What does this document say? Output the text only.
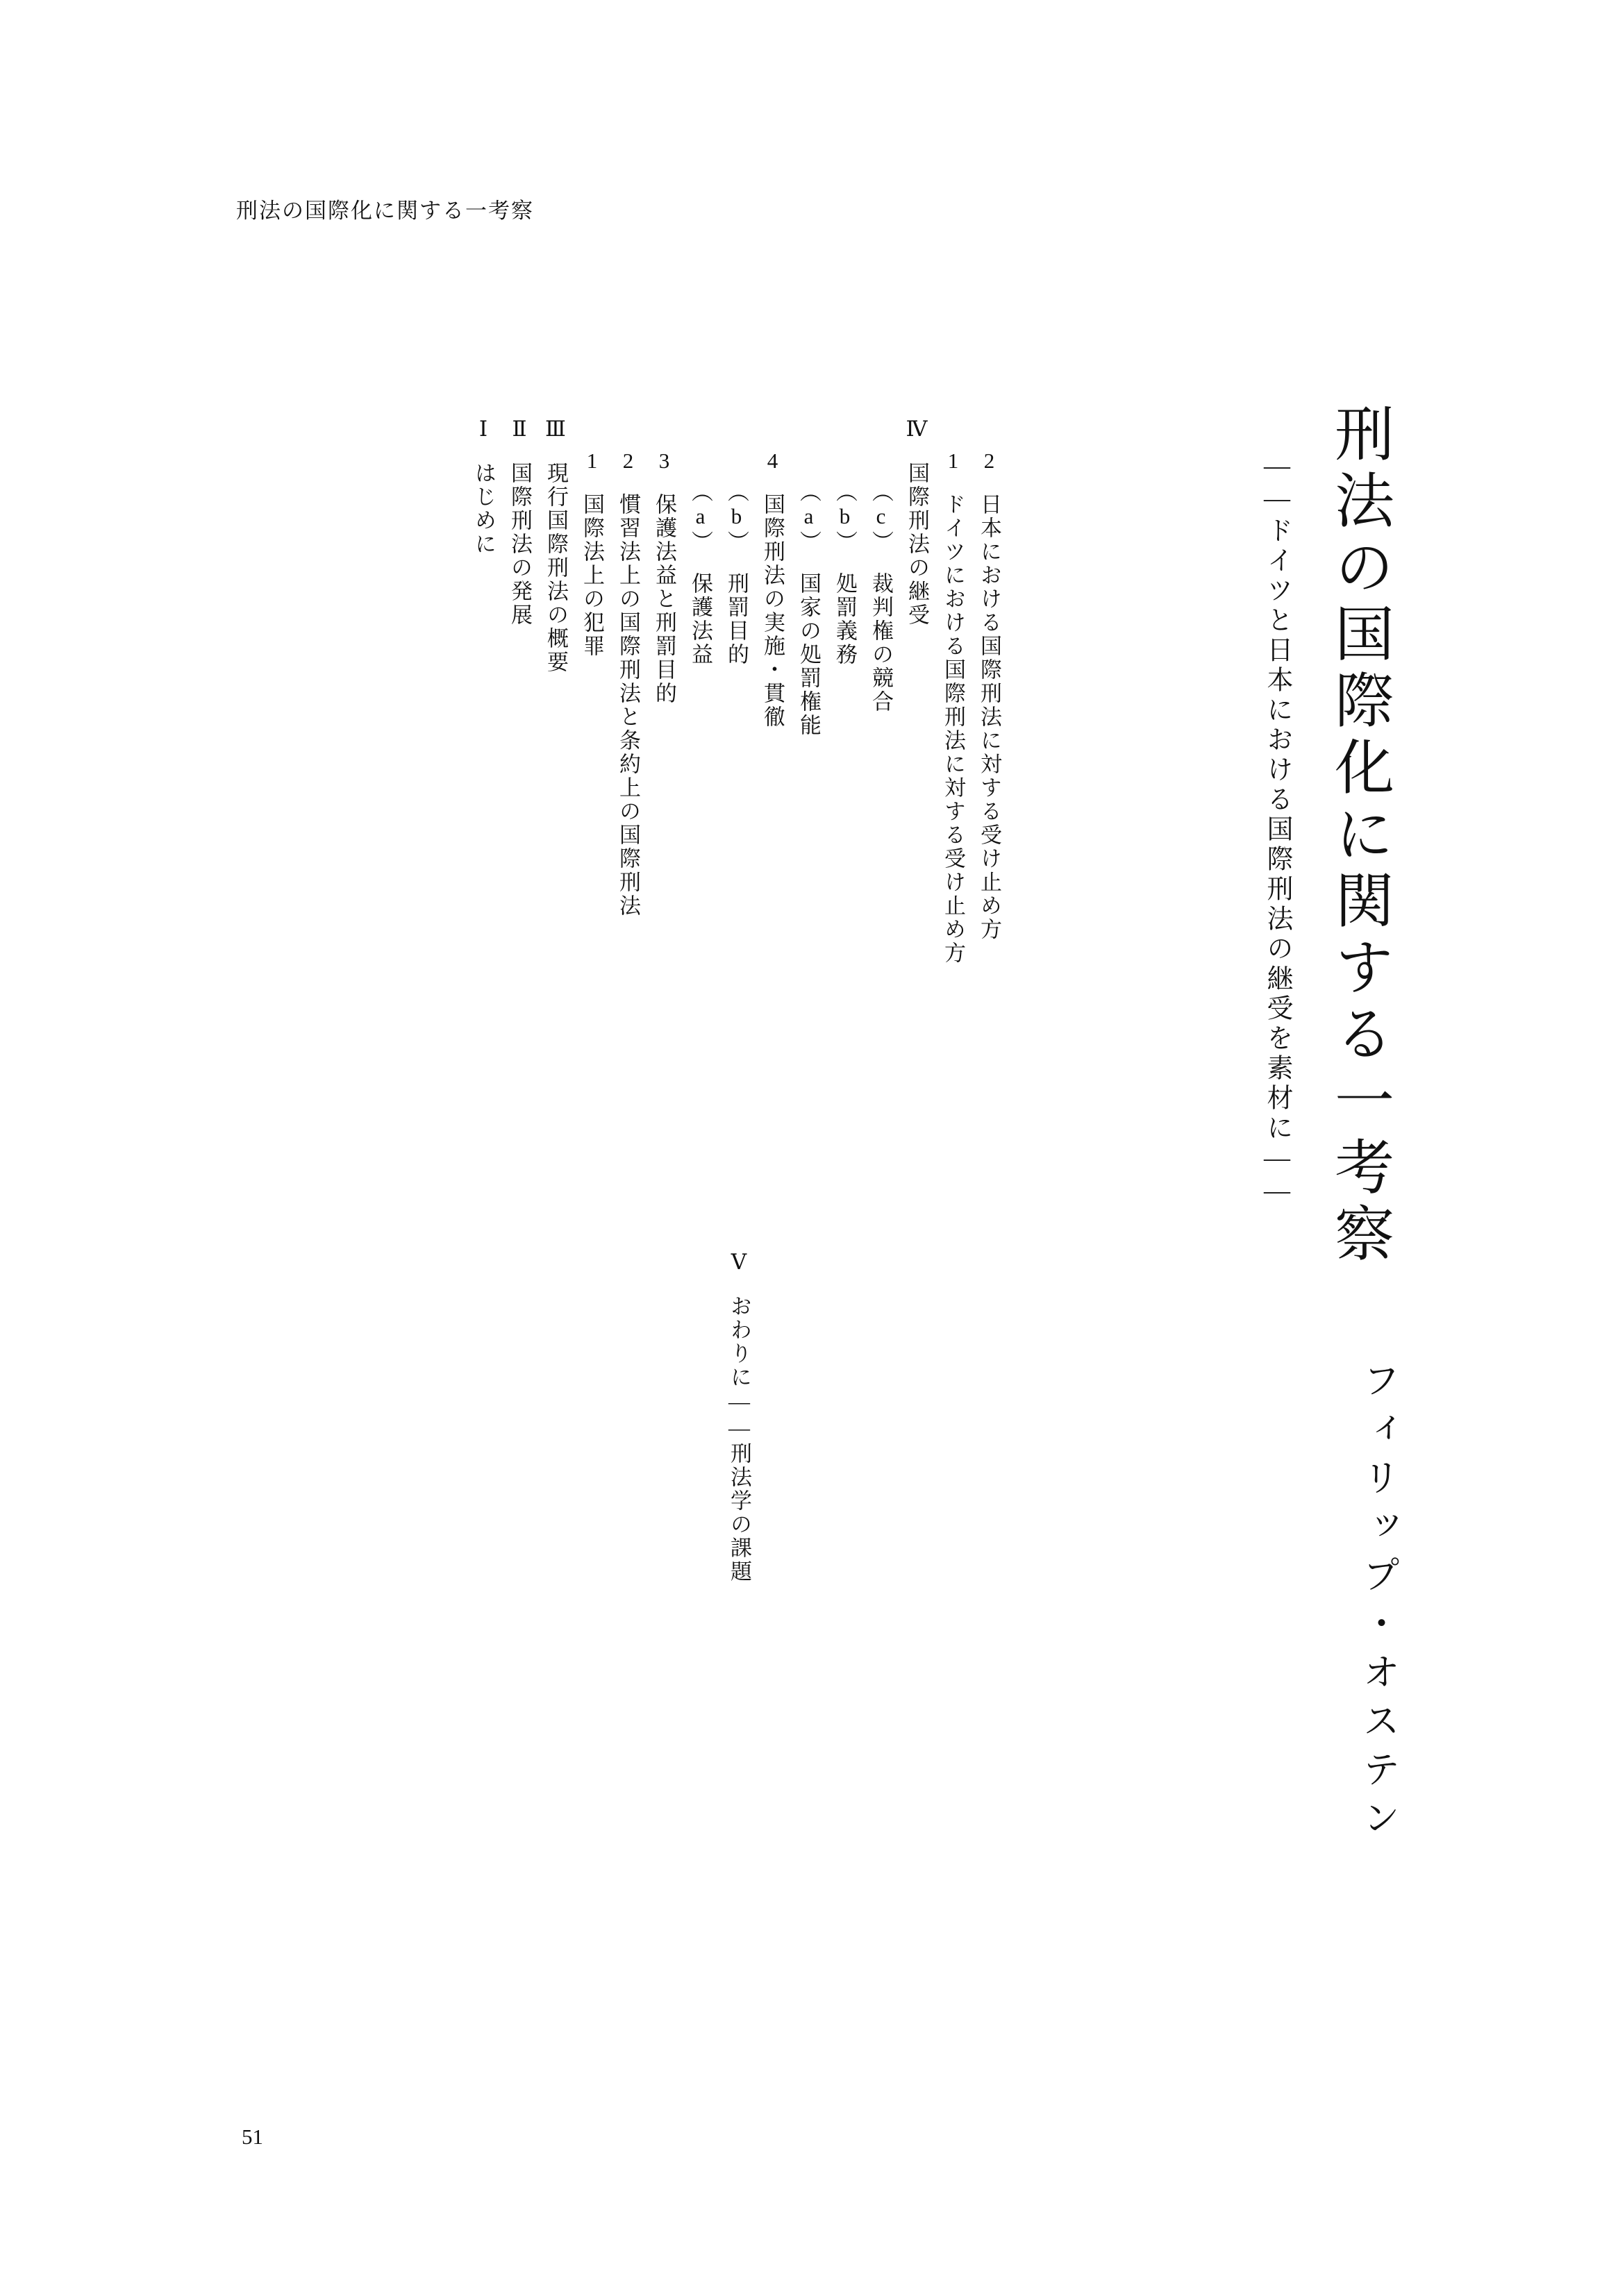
刑法の国際化に関する一考察
刑法の国際化に関する一考察
――ドイツと日本における国際刑法の継受を素材に――
フィリップ・オステン
Ⅰはじめに
Ⅱ国際刑法の発展
Ⅲ現行国際刑法の概要 1国際法上の犯罪
2慣習法上の国際刑法と条約上の国際刑法
3保護法益と刑罰目的 （a）保護法益
（b）刑罰目的
4国際刑法の実施・貫徹 （a）国家の処罰権能
（b）処罰義務
（c）裁判権の競合
Ⅳ国際刑法の継受 1ドイツにおける国際刑法に対する受け止め方
2日本における国際刑法に対する受け止め方
Ⅴおわりに――刑法学の課題
51
